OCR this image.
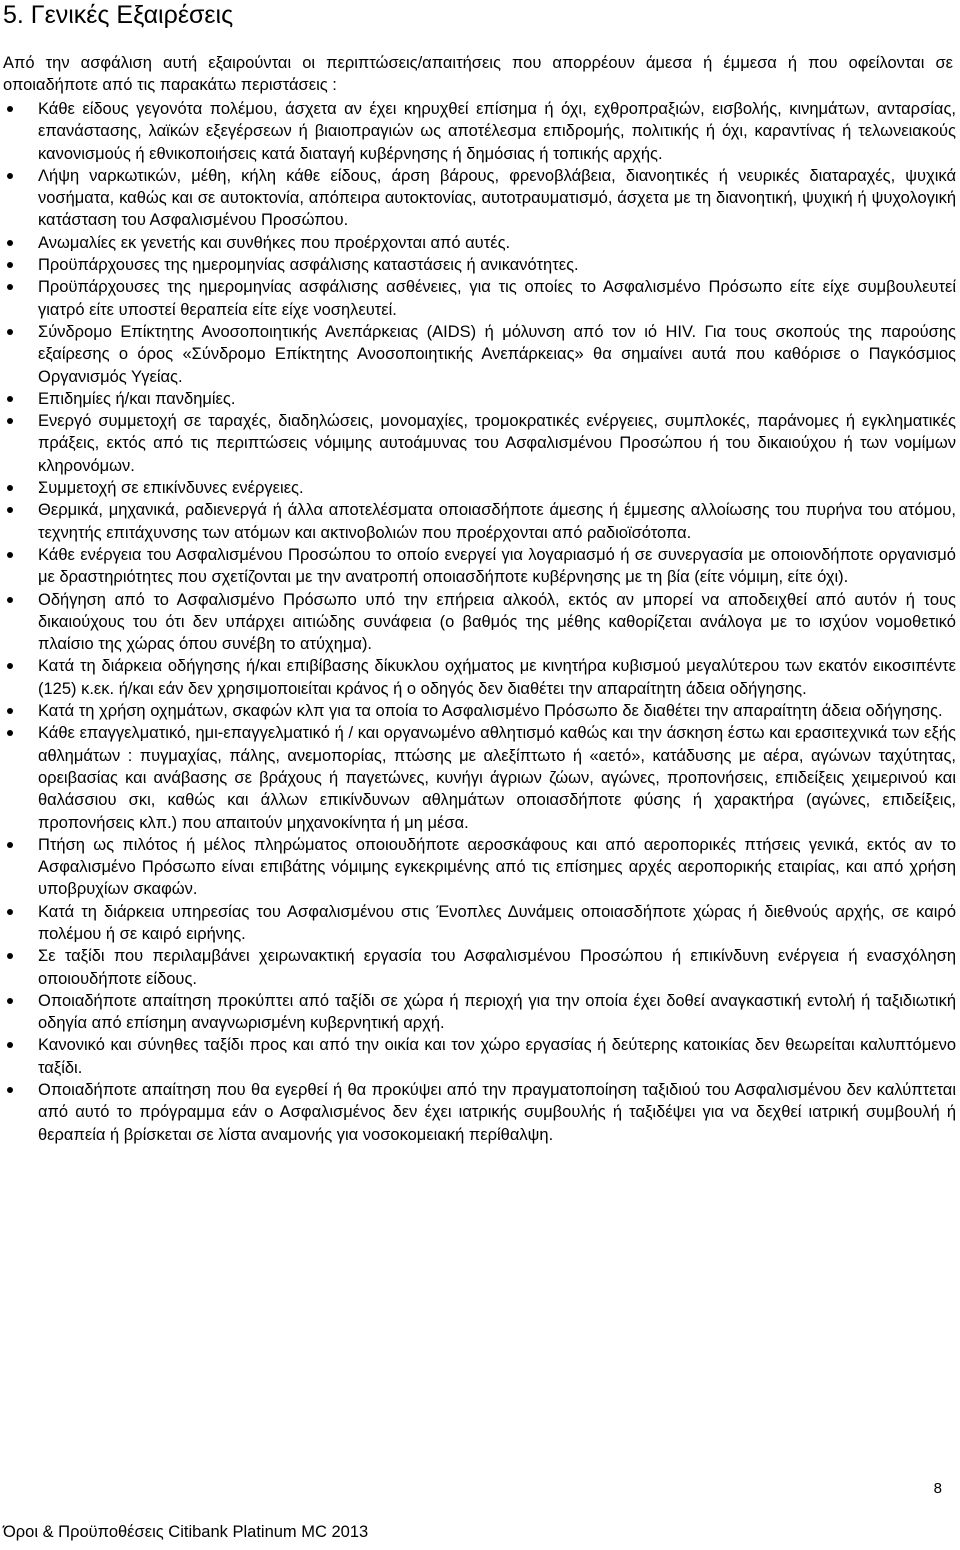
5. Γενικές Εξαιρέσεις

Από την ασφάλιση αυτή εξαιρούνται οι περιπτώσεις/απαιτήσεις που απορρέουν άμεσα ή έμμεσα ή που οφείλονται σε οποιαδήποτε από τις παρακάτω περιστάσεις :

Κάθε είδους γεγονότα πολέμου, άσχετα αν έχει κηρυχθεί επίσημα ή όχι, εχθροπραξιών, εισβολής, κινημάτων, ανταρσίας, επανάστασης, λαϊκών εξεγέρσεων ή βιαιοπραγιών ως αποτέλεσμα επιδρομής, πολιτικής ή όχι, καραντίνας ή τελωνειακούς κανονισμούς ή εθνικοποιήσεις κατά διαταγή κυβέρνησης ή δημόσιας ή τοπικής αρχής.
Λήψη ναρκωτικών, μέθη, κήλη κάθε είδους, άρση βάρους, φρενοβλάβεια, διανοητικές ή νευρικές διαταραχές, ψυχικά νοσήματα, καθώς και σε αυτοκτονία, απόπειρα αυτοκτονίας, αυτοτραυματισμό, άσχετα με τη διανοητική, ψυχική ή ψυχολογική κατάσταση του Ασφαλισμένου Προσώπου.
Ανωμαλίες εκ γενετής και συνθήκες που προέρχονται από αυτές.
Προϋπάρχουσες της ημερομηνίας ασφάλισης καταστάσεις ή ανικανότητες.
Προϋπάρχουσες της ημερομηνίας ασφάλισης ασθένειες, για τις οποίες το Ασφαλισμένο Πρόσωπο είτε είχε συμβουλευτεί γιατρό είτε υποστεί θεραπεία είτε είχε νοσηλευτεί.
Σύνδρομο Επίκτητης Ανοσοποιητικής Ανεπάρκειας (AIDS) ή μόλυνση από τον ιό HIV. Για τους σκοπούς της παρούσης εξαίρεσης ο όρος «Σύνδρομο Επίκτητης Ανοσοποιητικής Ανεπάρκειας» θα σημαίνει αυτά που καθόρισε ο Παγκόσμιος Οργανισμός Υγείας.
Επιδημίες ή/και πανδημίες.
Ενεργό συμμετοχή σε ταραχές, διαδηλώσεις, μονομαχίες, τρομοκρατικές ενέργειες, συμπλοκές, παράνομες ή εγκληματικές πράξεις, εκτός από τις περιπτώσεις νόμιμης αυτοάμυνας του Ασφαλισμένου Προσώπου ή του δικαιούχου ή των νομίμων κληρονόμων.
Συμμετοχή σε επικίνδυνες ενέργειες.
Θερμικά, μηχανικά, ραδιενεργά ή άλλα αποτελέσματα οποιασδήποτε άμεσης ή έμμεσης αλλοίωσης του πυρήνα του ατόμου, τεχνητής επιτάχυνσης των ατόμων και ακτινοβολιών που προέρχονται από ραδιοϊσότοπα.
Κάθε ενέργεια του Ασφαλισμένου Προσώπου το οποίο ενεργεί για λογαριασμό ή σε συνεργασία με οποιονδήποτε οργανισμό με δραστηριότητες που σχετίζονται με την ανατροπή οποιασδήποτε κυβέρνησης με τη βία (είτε νόμιμη, είτε όχι).
Οδήγηση από το Ασφαλισμένο Πρόσωπο υπό την επήρεια αλκοόλ, εκτός αν μπορεί να αποδειχθεί από αυτόν ή τους δικαιούχους του ότι δεν υπάρχει αιτιώδης συνάφεια (ο βαθμός της μέθης καθορίζεται ανάλογα με το ισχύον νομοθετικό πλαίσιο της χώρας όπου συνέβη το ατύχημα).
Κατά τη διάρκεια οδήγησης ή/και επιβίβασης δίκυκλου οχήματος με κινητήρα κυβισμού μεγαλύτερου των εκατόν εικοσιπέντε (125) κ.εκ. ή/και εάν δεν χρησιμοποιείται κράνος ή ο οδηγός δεν διαθέτει την απαραίτητη άδεια οδήγησης.
Κατά τη χρήση οχημάτων, σκαφών κλπ για τα οποία το Ασφαλισμένο Πρόσωπο δε διαθέτει την απαραίτητη άδεια οδήγησης.
Κάθε επαγγελματικό, ημι-επαγγελματικό ή / και οργανωμένο αθλητισμό καθώς και την άσκηση έστω και ερασιτεχνικά των εξής αθλημάτων : πυγμαχίας, πάλης, ανεμοπορίας, πτώσης με αλεξίπτωτο ή «αετό», κατάδυσης με αέρα, αγώνων ταχύτητας, ορειβασίας και ανάβασης σε βράχους ή παγετώνες, κυνήγι άγριων ζώων, αγώνες, προπονήσεις, επιδείξεις χειμερινού και θαλάσσιου σκι, καθώς και άλλων επικίνδυνων αθλημάτων οποιασδήποτε φύσης ή χαρακτήρα (αγώνες, επιδείξεις, προπονήσεις κλπ.) που απαιτούν μηχανοκίνητα ή μη μέσα.
Πτήση ως πιλότος ή μέλος πληρώματος οποιουδήποτε αεροσκάφους και από αεροπορικές πτήσεις γενικά, εκτός αν το Ασφαλισμένο Πρόσωπο είναι επιβάτης νόμιμης εγκεκριμένης από τις επίσημες αρχές αεροπορικής εταιρίας, και από χρήση υποβρυχίων σκαφών.
Κατά τη διάρκεια υπηρεσίας του Ασφαλισμένου στις Ένοπλες Δυνάμεις οποιασδήποτε χώρας ή διεθνούς αρχής, σε καιρό πολέμου ή σε καιρό ειρήνης.
Σε ταξίδι που περιλαμβάνει χειρωνακτική εργασία του Ασφαλισμένου Προσώπου ή επικίνδυνη ενέργεια ή ενασχόληση οποιουδήποτε είδους.
Οποιαδήποτε απαίτηση προκύπτει από ταξίδι σε χώρα ή περιοχή για την οποία έχει δοθεί αναγκαστική εντολή ή ταξιδιωτική οδηγία από επίσημη αναγνωρισμένη κυβερνητική αρχή.
Κανονικό και σύνηθες ταξίδι προς και από την οικία και τον χώρο εργασίας ή δεύτερης κατοικίας δεν θεωρείται καλυπτόμενο ταξίδι.
Οποιαδήποτε απαίτηση που θα εγερθεί ή θα προκύψει από την πραγματοποίηση ταξιδιού του Ασφαλισμένου δεν καλύπτεται από αυτό το πρόγραμμα εάν ο Ασφαλισμένος δεν έχει ιατρικής συμβουλής ή ταξιδέψει για να δεχθεί ιατρική συμβουλή ή θεραπεία ή βρίσκεται σε λίστα αναμονής για νοσοκομειακή περίθαλψη.
8
Όροι & Προϋποθέσεις Citibank Platinum MC 2013
